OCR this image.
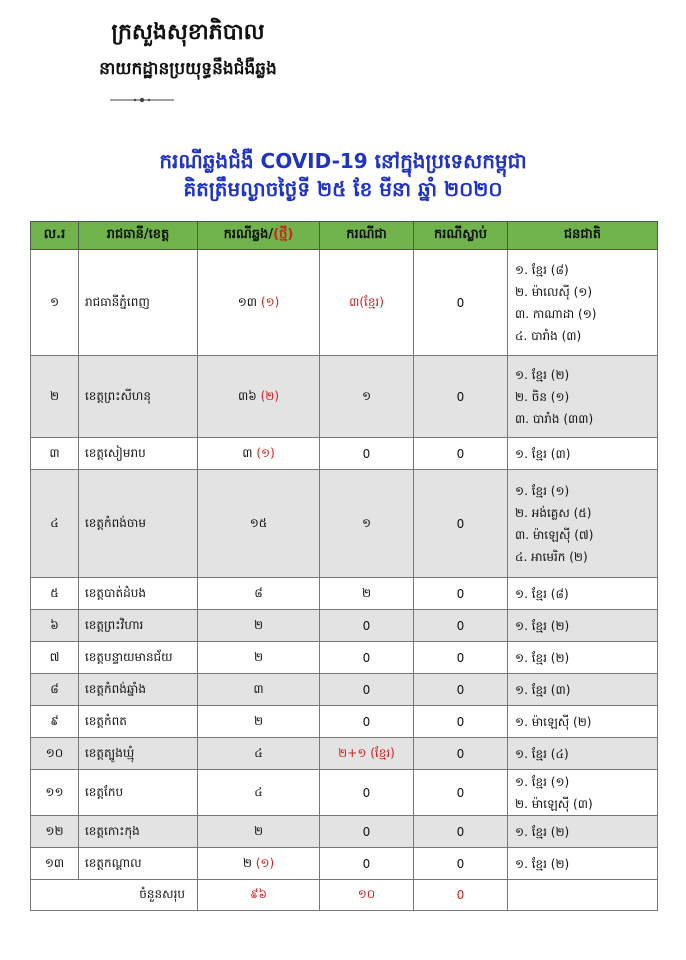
ក្រសួងសុខាភិបាល
នាយកដ្ឋានប្រយុទ្ធនឹងជំងឺឆ្លង
ករណីឆ្លងជំងឺ COVID-19 នៅក្នុងប្រទេសកម្ពុជា
គិតត្រឹមល្ងាចថ្ងៃទី ២៥ ខែ មីនា ឆ្នាំ ២០២០
ល.រ	រាជធានី/ខេត្ត	ករណីឆ្លង/(ថ្មី)	ករណីជា	ករណីស្លាប់	ជនជាតិ
១	រាជធានីភ្នំពេញ	១៣ (១)	៣(ខ្មែរ)	0	១. ខ្មែរ (៨)
២. ម៉ាលេស៊ី (១)
៣. កាណាដា (១)
៤. បារាំង (៣)

២	ខេត្តព្រះសីហនុ	៣៦ (២)	១	0	១. ខ្មែរ (២)
២. ចិន (១)
៣. បារាំង (៣៣)

៣	ខេត្តសៀមរាប	៣ (១)	0	0	១. ខ្មែរ (៣)

៤	ខេត្តកំពង់ចាម	១៥	១	0	១. ខ្មែរ (១)
២. អង់គ្លេស (៥)
៣. ម៉ាឡេស៊ី (៧)
៤. អាមេរិក (២)

៥	ខេត្តបាត់ដំបង	៨	២	0	១. ខ្មែរ (៨)

៦	ខេត្តព្រះវិហារ	២	0	0	១. ខ្មែរ (២)

៧	ខេត្តបន្ទាយមានជ័យ	២	0	0	១. ខ្មែរ (២)

៨	ខេត្តកំពង់ឆ្នាំង	៣	0	0	១. ខ្មែរ (៣)

៩	ខេត្តកំពត	២	0	0	១. ម៉ាឡេស៊ី (២)

១០	ខេត្តត្បូងឃ្មុំ	៤	២+១ (ខ្មែរ)	0	១. ខ្មែរ (៤)

១១	ខេត្តកែប	៤	0	0	១. ខ្មែរ (១)
២. ម៉ាឡេស៊ី (៣)

១២	ខេត្តកោះកុង	២	0	0	១. ខ្មែរ (២)

១៣	ខេត្តកណ្ដាល	២ (១)	0	0	១. ខ្មែរ (២)

ចំនួនសរុប		៩៦	១០	0	
